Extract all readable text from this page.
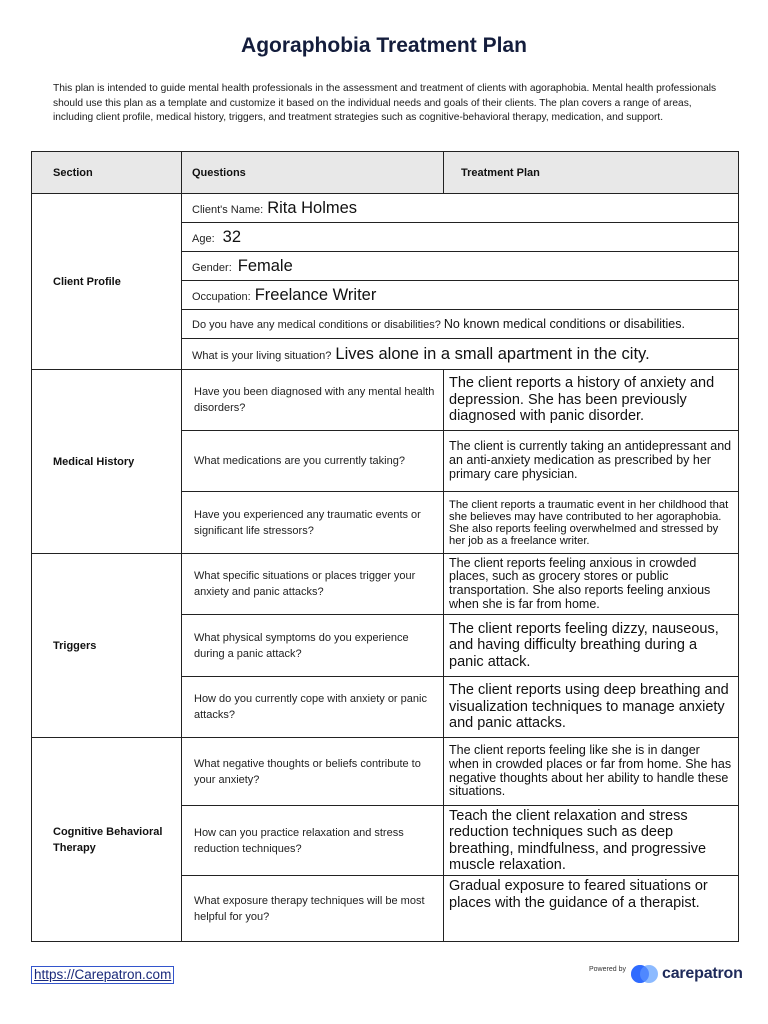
Agoraphobia Treatment Plan
This plan is intended to guide mental health professionals in the assessment and treatment of clients with agoraphobia. Mental health professionals should use this plan as a template and customize it based on the individual needs and goals of their clients. The plan covers a range of areas, including client profile, medical history, triggers, and treatment strategies such as cognitive-behavioral therapy, medication, and support.
Section	Questions	Treatment Plan
Client Profile	Client's Name: Rita Holmes	
	Age: 32	
	Gender: Female	
	Occupation: Freelance Writer	
	Do you have any medical conditions or disabilities? No known medical conditions or disabilities.	
	What is your living situation? Lives alone in a small apartment in the city.	
Medical History	Have you been diagnosed with any mental health disorders?	The client reports a history of anxiety and depression. She has been previously diagnosed with panic disorder.
	What medications are you currently taking?	The client is currently taking an antidepressant and an anti-anxiety medication as prescribed by her primary care physician.
	Have you experienced any traumatic events or significant life stressors?	The client reports a traumatic event in her childhood that she believes may have contributed to her agoraphobia. She also reports feeling overwhelmed and stressed by her job as a freelance writer.
Triggers	What specific situations or places trigger your anxiety and panic attacks?	The client reports feeling anxious in crowded places, such as grocery stores or public transportation. She also reports feeling anxious when she is far from home.
	What physical symptoms do you experience during a panic attack?	The client reports feeling dizzy, nauseous, and having difficulty breathing during a panic attack.
	How do you currently cope with anxiety or panic attacks?	The client reports using deep breathing and visualization techniques to manage anxiety and panic attacks.
Cognitive Behavioral Therapy	What negative thoughts or beliefs contribute to your anxiety?	The client reports feeling like she is in danger when in crowded places or far from home. She has negative thoughts about her ability to handle these situations.
	How can you practice relaxation and stress reduction techniques?	Teach the client relaxation and stress reduction techniques such as deep breathing, mindfulness, and progressive muscle relaxation.
	What exposure therapy techniques will be most helpful for you?	Gradual exposure to feared situations or places with the guidance of a therapist.
https://Carepatron.com	Powered by carepatron
